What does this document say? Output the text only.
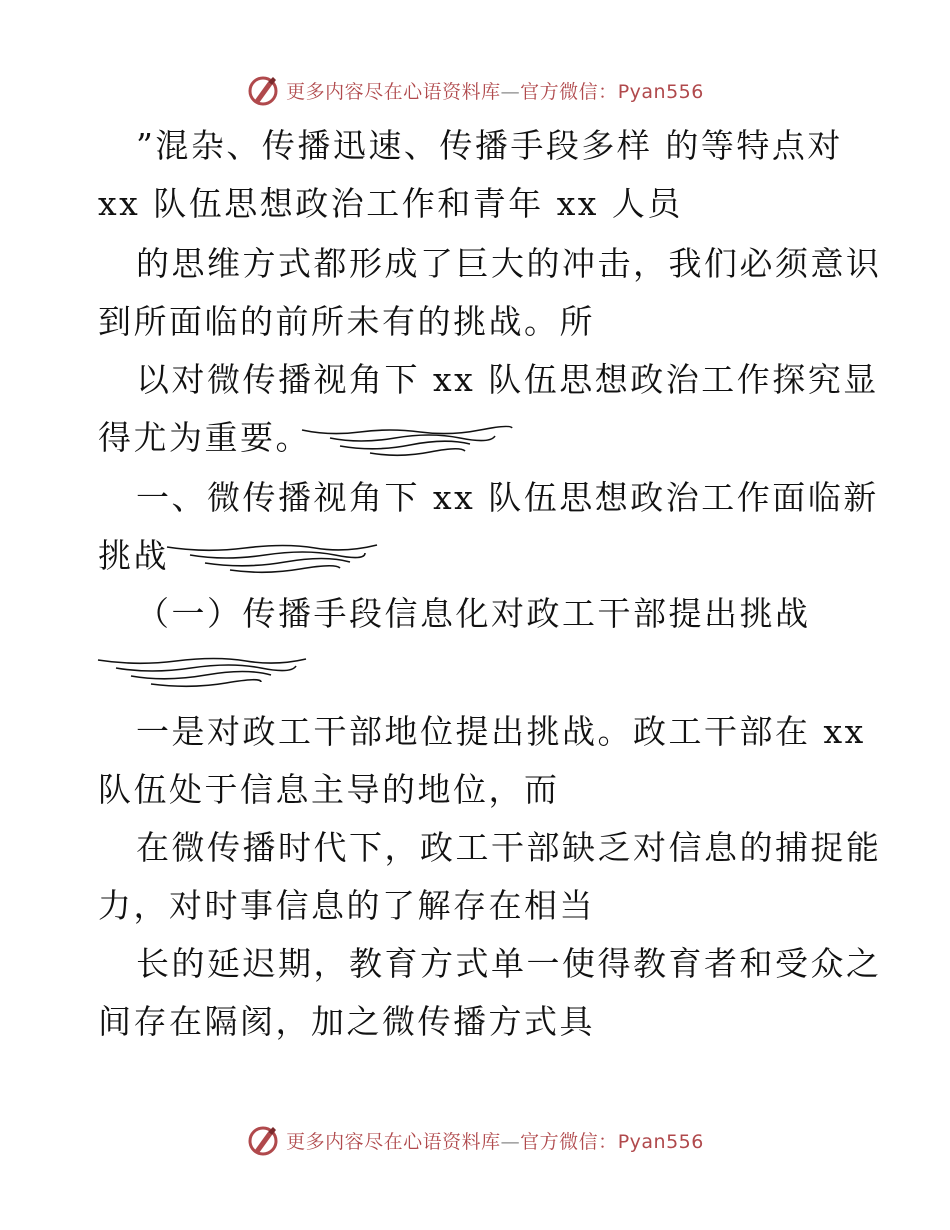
更多内容尽在心语资料库—官方微信：Pyan556
”混杂、传播迅速、传播手段多样 的等特点对
xx 队伍思想政治工作和青年 xx 人员
的思维方式都形成了巨大的冲击，我们必须意识
到所面临的前所未有的挑战。所
以对微传播视角下 xx 队伍思想政治工作探究显
得尤为重要。
一、微传播视角下 xx 队伍思想政治工作面临新
挑战
（一）传播手段信息化对政工干部提出挑战
一是对政工干部地位提出挑战。政工干部在 xx
队伍处于信息主导的地位，而
在微传播时代下，政工干部缺乏对信息的捕捉能
力，对时事信息的了解存在相当
长的延迟期，教育方式单一使得教育者和受众之
间存在隔阂，加之微传播方式具
更多内容尽在心语资料库—官方微信：Pyan556
